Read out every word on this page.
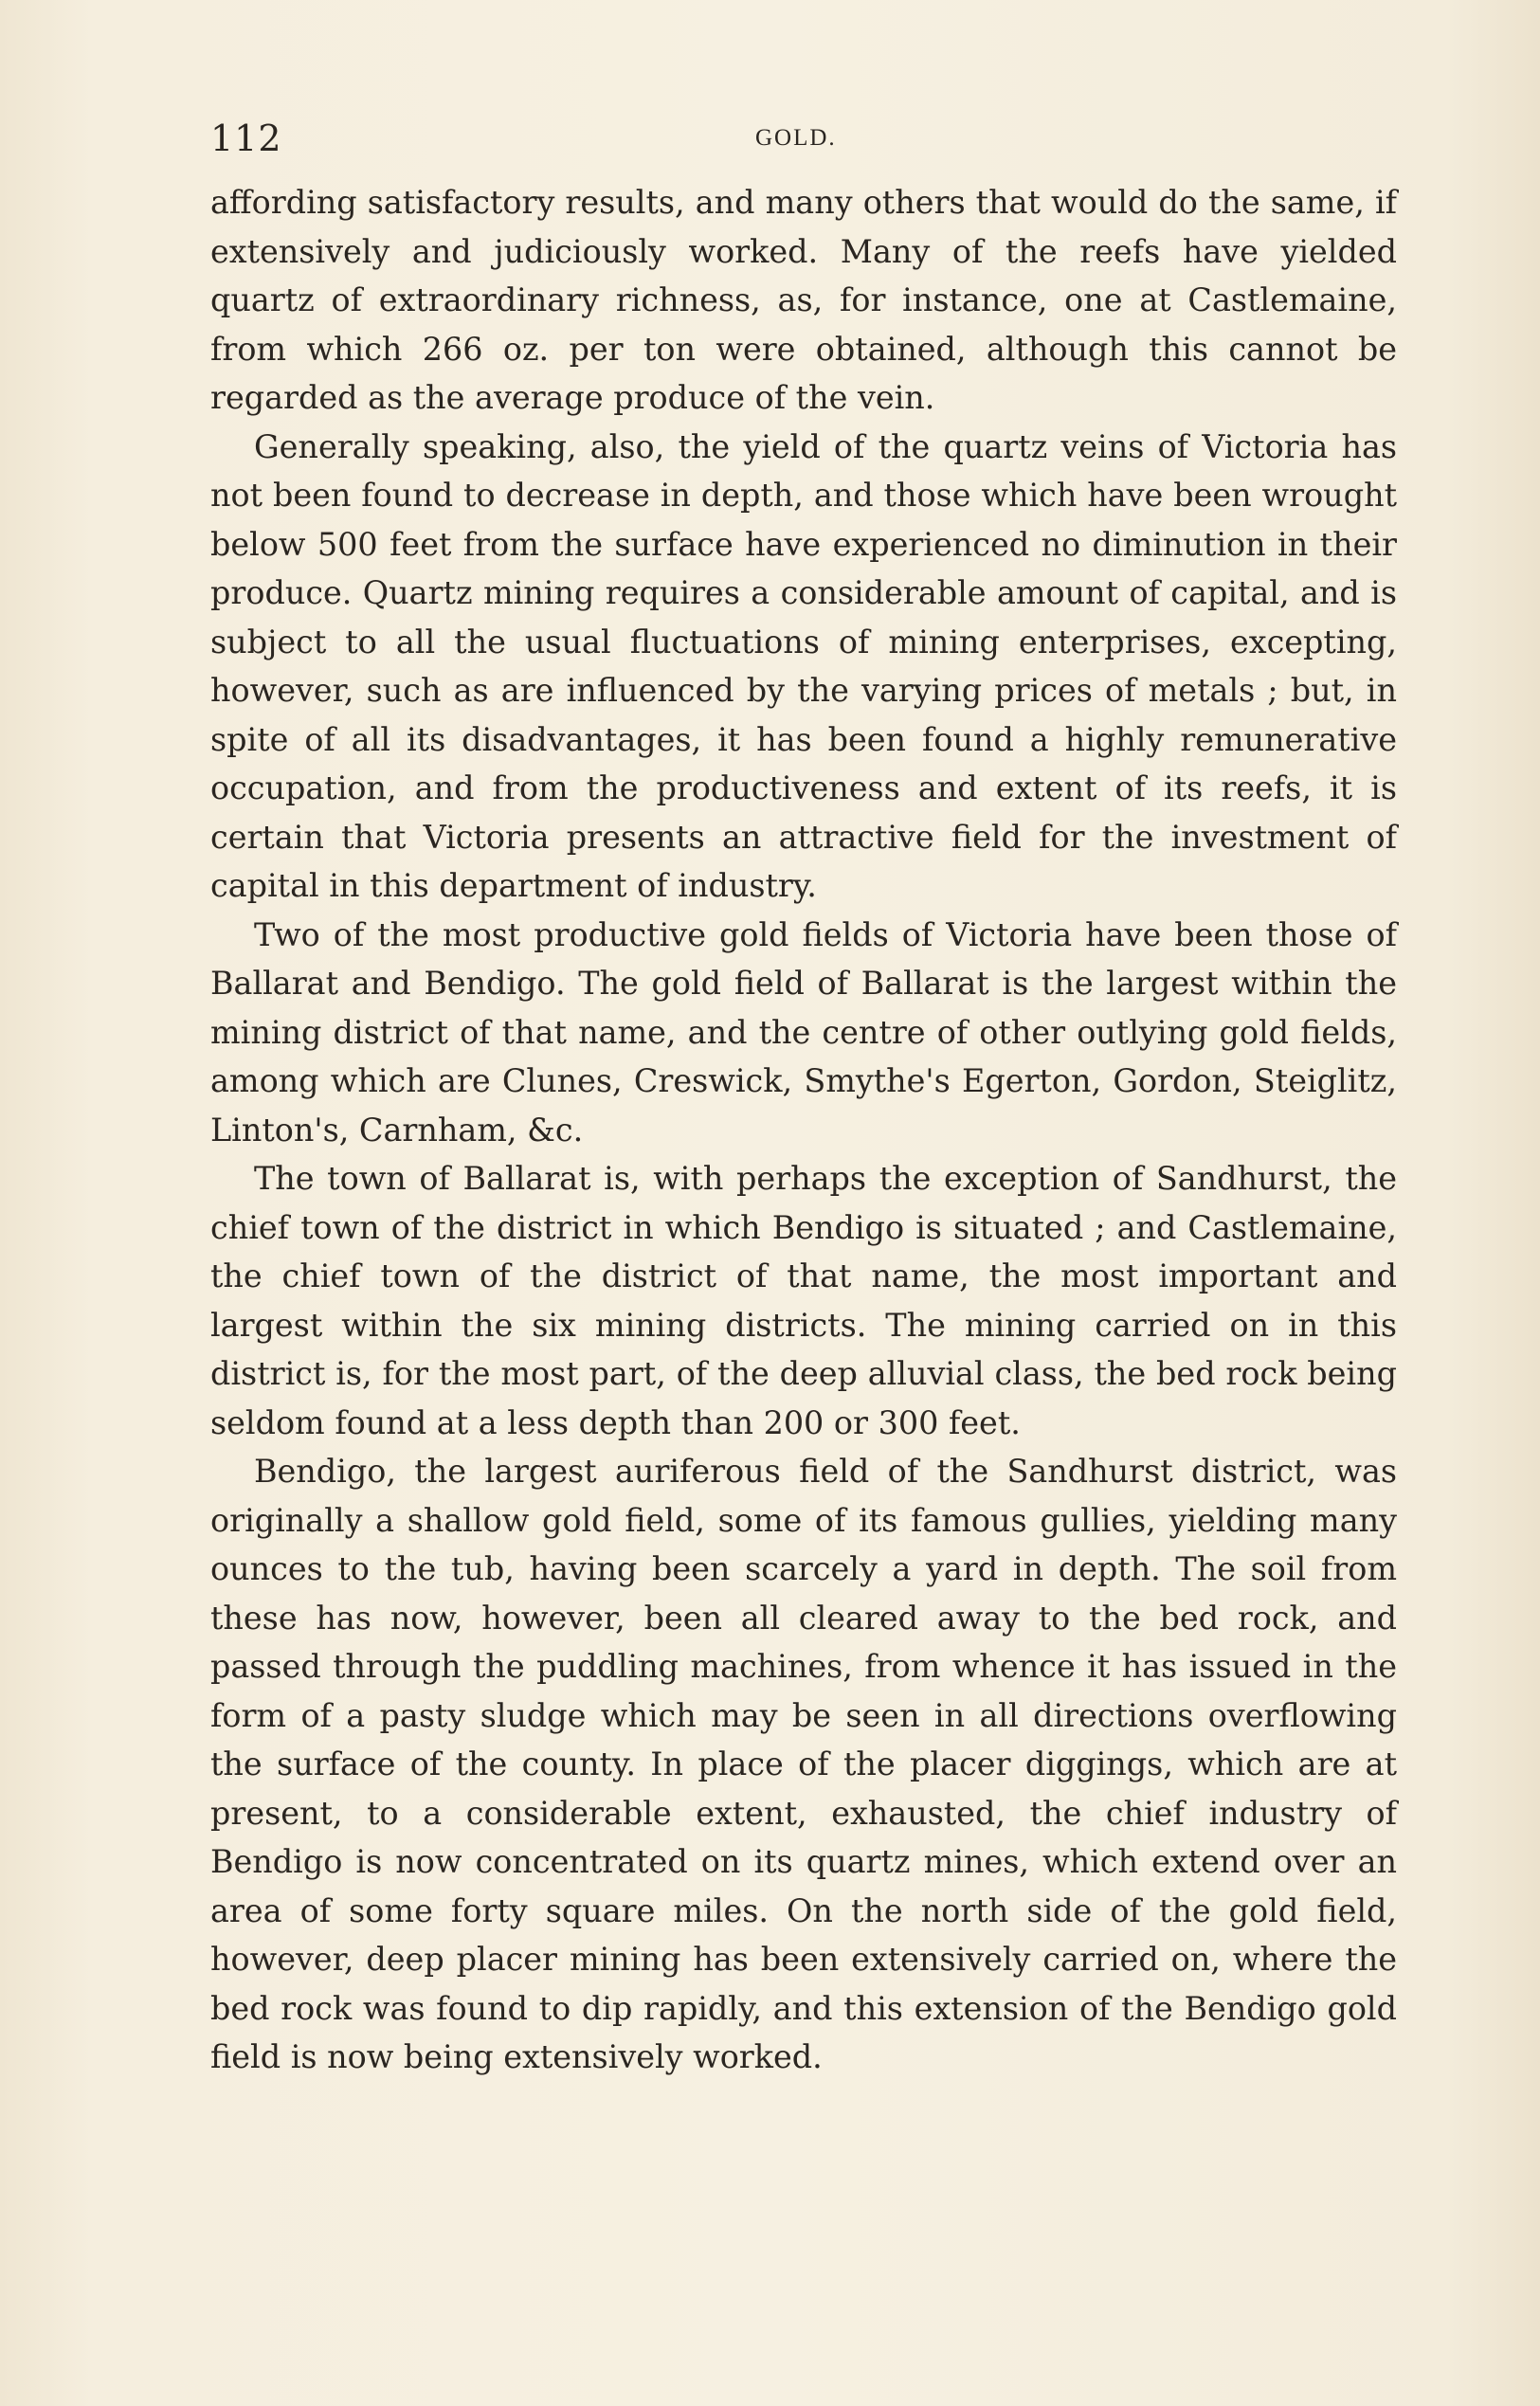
112	GOLD.

affording satisfactory results, and many others that would do the same, if extensively and judiciously worked. Many of the reefs have yielded quartz of extraordinary richness, as, for instance, one at Castlemaine, from which 266 oz. per ton were obtained, although this cannot be regarded as the average produce of the vein.

Generally speaking, also, the yield of the quartz veins of Victoria has not been found to decrease in depth, and those which have been wrought below 500 feet from the surface have experienced no diminution in their produce. Quartz mining requires a considerable amount of capital, and is subject to all the usual fluctuations of mining enterprises, excepting, however, such as are influenced by the varying prices of metals ; but, in spite of all its disadvantages, it has been found a highly remunerative occupation, and from the productiveness and extent of its reefs, it is certain that Victoria presents an attractive field for the investment of capital in this department of industry.

Two of the most productive gold fields of Victoria have been those of Ballarat and Bendigo. The gold field of Ballarat is the largest within the mining district of that name, and the centre of other outlying gold fields, among which are Clunes, Creswick, Smythe's Egerton, Gordon, Steiglitz, Linton's, Carnham, &c.

The town of Ballarat is, with perhaps the exception of Sandhurst, the chief town of the district in which Bendigo is situated ; and Castlemaine, the chief town of the district of that name, the most important and largest within the six mining districts. The mining carried on in this district is, for the most part, of the deep alluvial class, the bed rock being seldom found at a less depth than 200 or 300 feet.

Bendigo, the largest auriferous field of the Sandhurst district, was originally a shallow gold field, some of its famous gullies, yielding many ounces to the tub, having been scarcely a yard in depth. The soil from these has now, however, been all cleared away to the bed rock, and passed through the puddling machines, from whence it has issued in the form of a pasty sludge which may be seen in all directions overflowing the surface of the county. In place of the placer diggings, which are at present, to a considerable extent, exhausted, the chief industry of Bendigo is now concentrated on its quartz mines, which extend over an area of some forty square miles. On the north side of the gold field, however, deep placer mining has been extensively carried on, where the bed rock was found to dip rapidly, and this extension of the Bendigo gold field is now being extensively worked.
